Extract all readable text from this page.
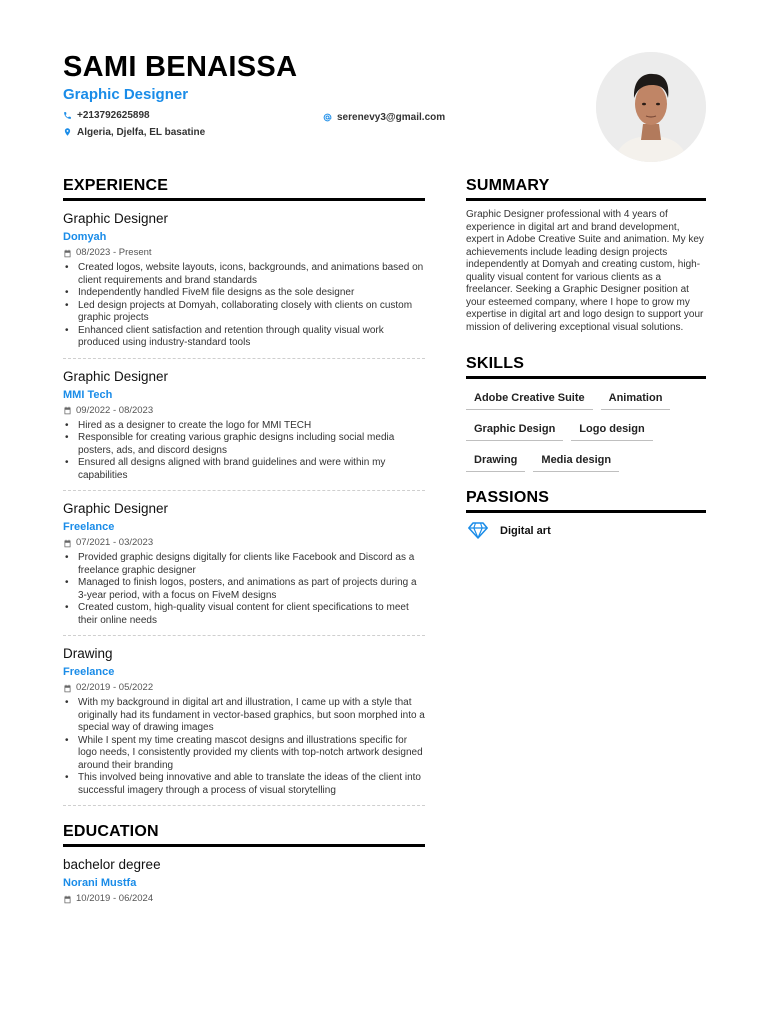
SAMI BENAISSA
Graphic Designer
+213792625898
Algeria, Djelfa, EL basatine
serenevy3@gmail.com
EXPERIENCE
Graphic Designer
Domyah
08/2023 - Present
• Created logos, website layouts, icons, backgrounds, and animations based on client requirements and brand standards
• Independently handled FiveM file designs as the sole designer
• Led design projects at Domyah, collaborating closely with clients on custom graphic projects
• Enhanced client satisfaction and retention through quality visual work produced using industry-standard tools
Graphic Designer
MMI Tech
09/2022 - 08/2023
• Hired as a designer to create the logo for MMI TECH
• Responsible for creating various graphic designs including social media posters, ads, and discord designs
• Ensured all designs aligned with brand guidelines and were within my capabilities
Graphic Designer
Freelance
07/2021 - 03/2023
• Provided graphic designs digitally for clients like Facebook and Discord as a freelance graphic designer
• Managed to finish logos, posters, and animations as part of projects during a 3-year period, with a focus on FiveM designs
• Created custom, high-quality visual content for client specifications to meet their online needs
Drawing
Freelance
02/2019 - 05/2022
• With my background in digital art and illustration, I came up with a style that originally had its fundament in vector-based graphics, but soon morphed into a special way of drawing images
• While I spent my time creating mascot designs and illustrations specific for logo needs, I consistently provided my clients with top-notch artwork designed around their branding
• This involved being innovative and able to translate the ideas of the client into successful imagery through a process of visual storytelling
EDUCATION
bachelor degree
Norani Mustfa
10/2019 - 06/2024
SUMMARY
Graphic Designer professional with 4 years of experience in digital art and brand development, expert in Adobe Creative Suite and animation. My key achievements include leading design projects independently at Domyah and creating custom, high-quality visual content for various clients as a freelancer. Seeking a Graphic Designer position at your esteemed company, where I hope to grow my expertise in digital art and logo design to support your mission of delivering exceptional visual solutions.
SKILLS
Adobe Creative Suite	Animation
Graphic Design	Logo design
Drawing	Media design
PASSIONS
Digital art
